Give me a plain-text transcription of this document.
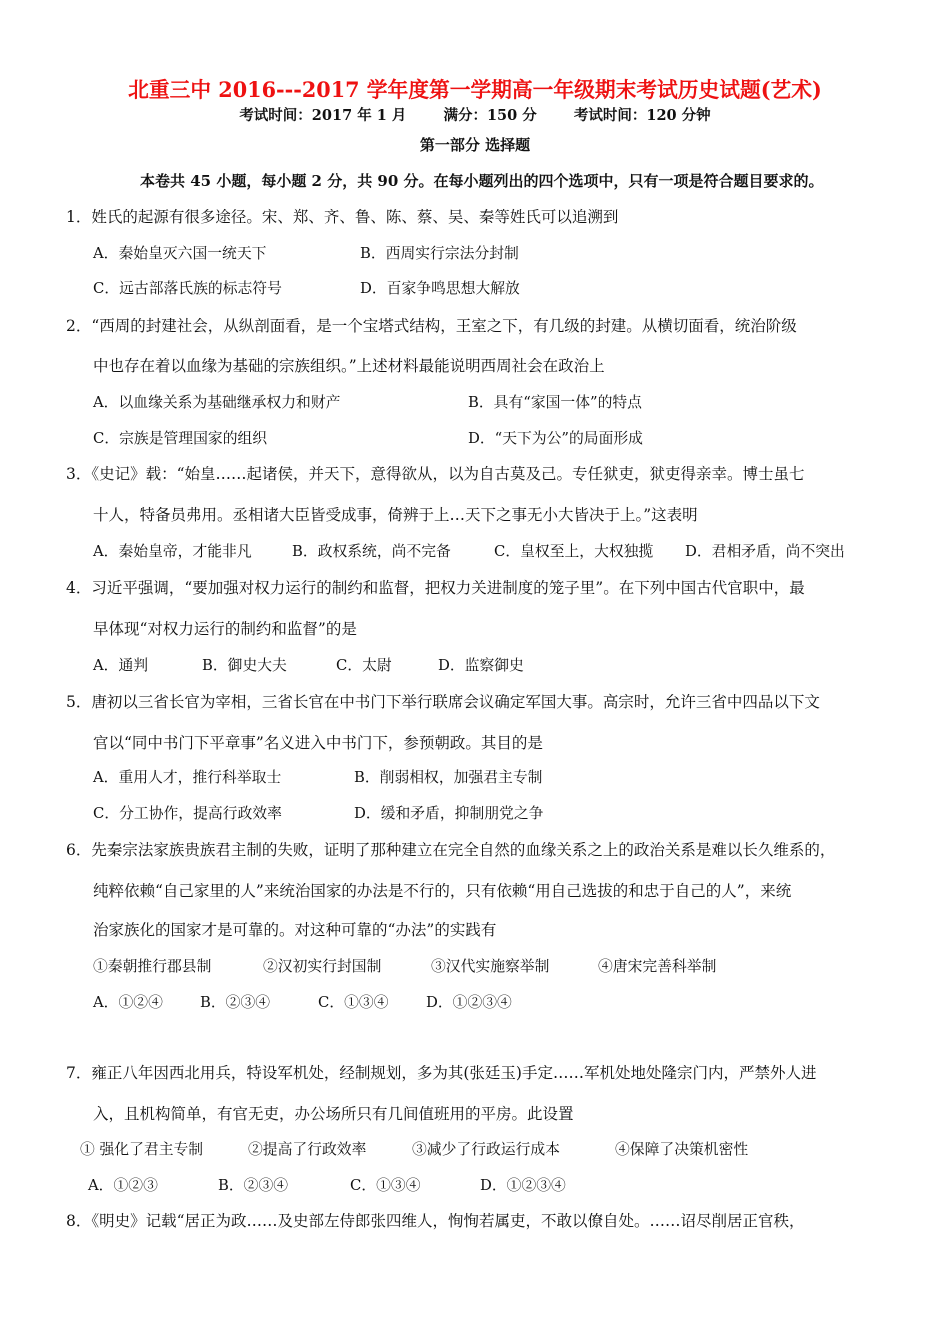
北重三中 2016---2017 学年度第一学期高一年级期末考试历史试题(艺术)
考试时间：2017 年 1 月	满分：150 分	考试时间：120 分钟
第一部分 选择题
本卷共 45 小题，每小题 2 分，共 90 分。在每小题列出的四个选项中，只有一项是符合题目要求的。
1．姓氏的起源有很多途径。宋、郑、齐、鲁、陈、蔡、吴、秦等姓氏可以追溯到
A．秦始皇灭六国一统天下	B．西周实行宗法分封制
C．远古部落氏族的标志符号	D．百家争鸣思想大解放
2．“西周的封建社会，从纵剖面看，是一个宝塔式结构，王室之下，有几级的封建。从横切面看，统治阶级
中也存在着以血缘为基础的宗族组织。”上述材料最能说明西周社会在政治上
A．以血缘关系为基础继承权力和财产	B．具有“家国一体”的特点
C．宗族是管理国家的组织	D．“天下为公”的局面形成
3．《史记》载：“始皇……起诸侯，并天下，意得欲从，以为自古莫及己。专任狱吏，狱吏得亲幸。博士虽七
十人，特备员弗用。丞相诸大臣皆受成事，倚辨于上…天下之事无小大皆决于上。”这表明
A．秦始皇帝，才能非凡	B．政权系统，尚不完备	C．皇权至上，大权独揽 D．君相矛盾，尚不突出
4．习近平强调，“要加强对权力运行的制约和监督，把权力关进制度的笼子里”。在下列中国古代官职中，最
早体现“对权力运行的制约和监督”的是
A．通判	B．御史大夫	C．太尉	D．监察御史
5．唐初以三省长官为宰相，三省长官在中书门下举行联席会议确定军国大事。高宗时，允许三省中四品以下文
官以“同中书门下平章事”名义进入中书门下，参预朝政。其目的是
A．重用人才，推行科举取士	B．削弱相权，加强君主专制
C．分工协作，提高行政效率	D．缓和矛盾，抑制朋党之争
6．先秦宗法家族贵族君主制的失败，证明了那种建立在完全自然的血缘关系之上的政治关系是难以长久维系的，
纯粹依赖“自己家里的人”来统治国家的办法是不行的，只有依赖“用自己选拔的和忠于自己的人”，来统
治家族化的国家才是可靠的。对这种可靠的“办法”的实践有
①秦朝推行郡县制	②汉初实行封国制	③汉代实施察举制	④唐宋完善科举制
A．①②④	B．②③④	C．①③④	D．①②③④
7．雍正八年因西北用兵，特设军机处，经制规划，多为其(张廷玉)手定……军机处地处隆宗门内，严禁外人进
入，且机构简单，有官无吏，办公场所只有几间值班用的平房。此设置
① 强化了君主专制	②提高了行政效率	③减少了行政运行成本	④保障了决策机密性
A．①②③	B．②③④	C．①③④	D．①②③④
8．《明史》记载“居正为政……及史部左侍郎张四维人，恂恂若属吏，不敢以僚自处。……诏尽削居正官秩，
